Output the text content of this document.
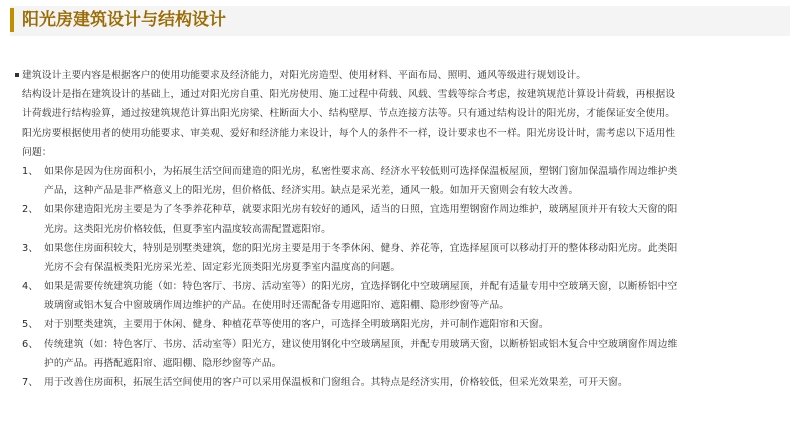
阳光房建筑设计与结构设计
建筑设计主要内容是根据客户的使用功能要求及经济能力，对阳光房造型、使用材料、平面布局、照明、通风等级进行规划设计。
结构设计是指在建筑设计的基础上，通过对阳光房自重、阳光房使用、施工过程中荷载、风载、雪载等综合考虑，按建筑规范计算设计荷载，再根据设
计荷载进行结构验算，通过按建筑规范计算出阳光房梁、柱断面大小、结构壁厚、节点连接方法等。只有通过结构设计的阳光房，才能保证安全使用。
阳光房要根据使用者的使用功能要求、审美观、爱好和经济能力来设计，每个人的条件不一样，设计要求也不一样。阳光房设计时，需考虑以下适用性
问题：
1、 如果你是因为住房面积小，为拓展生活空间而建造的阳光房，私密性要求高、经济水平较低则可选择保温板屋顶，塑钢门窗加保温墙作周边维护类
产品，这种产品是非严格意义上的阳光房，但价格低、经济实用。缺点是采光差，通风一般。如加开天窗则会有较大改善。
2、 如果你建造阳光房主要是为了冬季养花种草，就要求阳光房有较好的通风，适当的日照，宜选用塑钢窗作周边维护，玻璃屋顶并开有较大天窗的阳
光房。这类阳光房价格较低，但夏季室内温度较高需配置遮阳帘。
3、 如果您住房面积较大，特别是别墅类建筑，您的阳光房主要是用于冬季休闲、健身、养花等，宜选择屋顶可以移动打开的整体移动阳光房。此类阳
光房不会有保温板类阳光房采光差、固定彩光顶类阳光房夏季室内温度高的问题。
4、 如果是需要传统建筑功能（如：特色客厅、书房、活动室等）的阳光房，宜选择钢化中空玻璃屋顶，并配有适量专用中空玻璃天窗，以断桥铝中空
玻璃窗或铝木复合中窗玻璃作周边维护的产品。在使用时还需配备专用遮阳帘、遮阳棚、隐形纱窗等产品。
5、 对于别墅类建筑，主要用于休闲、健身、种植花草等使用的客户，可选择全明玻璃阳光房，并可制作遮阳帘和天窗。
6、 传统建筑（如：特色客厅、书房、活动室等）阳光方，建议使用钢化中空玻璃屋顶，并配专用玻璃天窗，以断桥铝或铝木复合中空玻璃窗作周边维
护的产品。再搭配遮阳帘、遮阳棚、隐形纱窗等产品。
7、 用于改善住房面积，拓展生活空间使用的客户可以采用保温板和门窗组合。其特点是经济实用，价格较低，但采光效果差，可开天窗。
